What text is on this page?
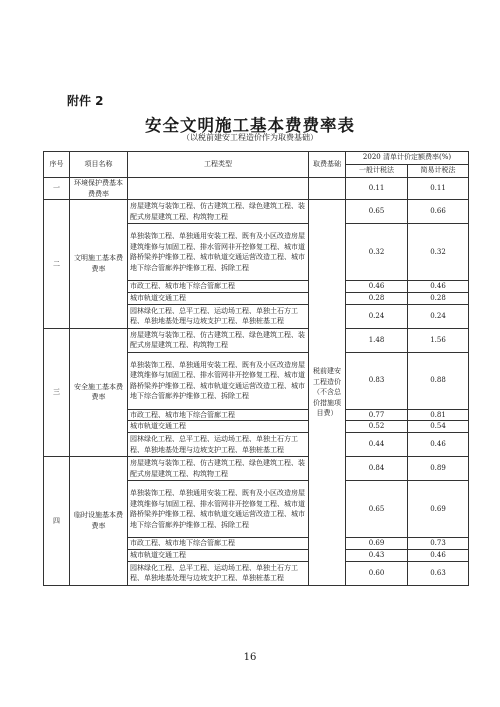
附件 2
安全文明施工基本费费率表
（以税前建安工程造价作为取费基础）
序号	项目名称	工程类型	取费基础	2020 清单计价定额费率(%)	
				一般计税法	简易计税法
一	环境保护费基本费费率			0.11	0.11
二	文明施工基本费费率	房屋建筑与装饰工程、仿古建筑工程、绿色建筑工程、装配式房屋建筑工程、构筑物工程	税前建安工程造价（不含总价措施项目费）	0.65	0.66
		单独装饰工程、单独通用安装工程、既有及小区改造房屋建筑维修与加固工程、排水管网非开挖修复工程、城市道路桥梁养护维修工程、城市轨道交通运营改造工程、城市地下综合管廊养护维修工程、拆除工程		0.32	0.32
		市政工程、城市地下综合管廊工程		0.46	0.46
		城市轨道交通工程		0.28	0.28
		园林绿化工程、总平工程、运动场工程、单独土石方工程、单独地基处理与边坡支护工程、单独桩基工程		0.24	0.24
三	安全施工基本费费率	房屋建筑与装饰工程、仿古建筑工程、绿色建筑工程、装配式房屋建筑工程、构筑物工程		1.48	1.56
		单独装饰工程、单独通用安装工程、既有及小区改造房屋建筑维修与加固工程、排水管网非开挖修复工程、城市道路桥梁养护维修工程、城市轨道交通运营改造工程、城市地下综合管廊养护维修工程、拆除工程		0.83	0.88
		市政工程、城市地下综合管廊工程		0.77	0.81
		城市轨道交通工程		0.52	0.54
		园林绿化工程、总平工程、运动场工程、单独土石方工程、单独地基处理与边坡支护工程、单独桩基工程		0.44	0.46
四	临时设施基本费费率	房屋建筑与装饰工程、仿古建筑工程、绿色建筑工程、装配式房屋建筑工程、构筑物工程		0.84	0.89
		单独装饰工程、单独通用安装工程、既有及小区改造房屋建筑维修与加固工程、排水管网非开挖修复工程、城市道路桥梁养护维修工程、城市轨道交通运营改造工程、城市地下综合管廊养护维修工程、拆除工程		0.65	0.69
		市政工程、城市地下综合管廊工程		0.69	0.73
		城市轨道交通工程		0.43	0.46
		园林绿化工程、总平工程、运动场工程、单独土石方工程、单独地基处理与边坡支护工程、单独桩基工程		0.60	0.63
16
